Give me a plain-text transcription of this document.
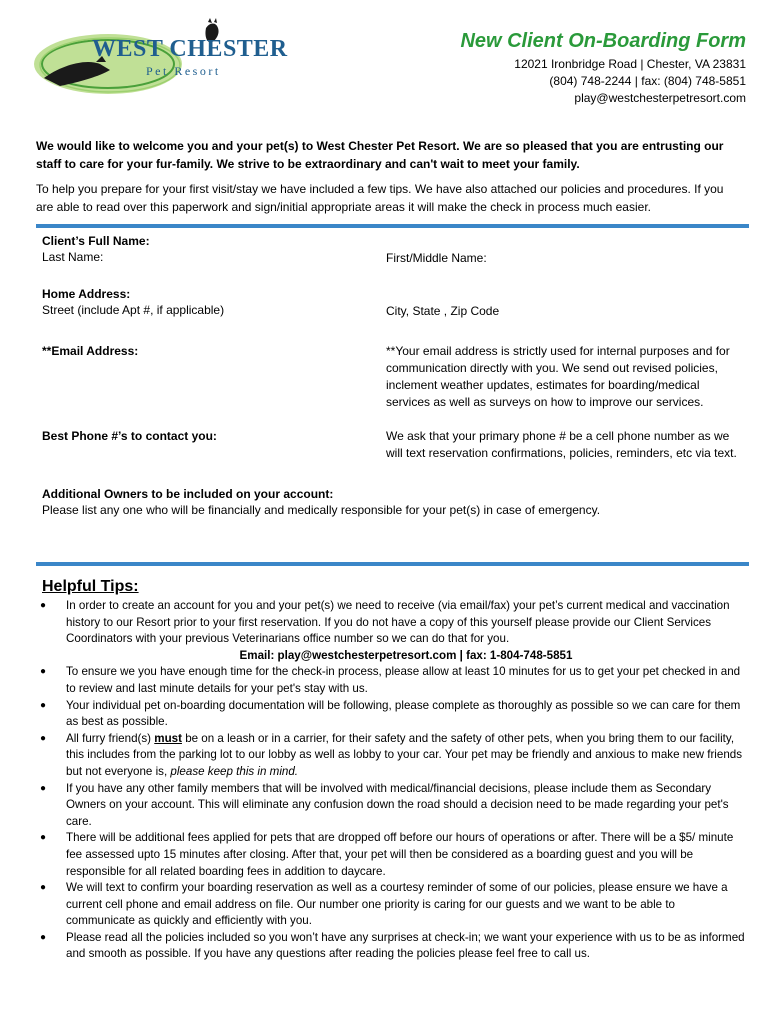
WEST CHESTER
Pet Resort
New Client On-Boarding Form
12021 Ironbridge Road | Chester, VA 23831
(804) 748-2244 | fax: (804) 748-5851
play@westchesterpetresort.com
We would like to welcome you and your pet(s) to West Chester Pet Resort. We are so pleased that you are entrusting our staff to care for your fur-family. We strive to be extraordinary and can't wait to meet your family.
To help you prepare for your first visit/stay we have included a few tips. We have also attached our policies and procedures. If you are able to read over this paperwork and sign/initial appropriate areas it will make the check in process much easier.
Client’s Full Name:
Last Name:	First/Middle Name:
Home Address:
Street (include Apt #, if applicable)	City, State , Zip Code
**Email Address:	**Your email address is strictly used for internal purposes and for communication directly with you. We send out revised policies, inclement weather updates, estimates for boarding/medical services as well as surveys on how to improve our services.
Best Phone #’s to contact you:	We ask that your primary phone # be a cell phone number as we will text reservation confirmations, policies, reminders, etc via text.
Additional Owners to be included on your account:
Please list any one who will be financially and medically responsible for your pet(s) in case of emergency.
Helpful Tips:

● In order to create an account for you and your pet(s) we need to receive (via email/fax) your pet’s current medical and vaccination history to our Resort prior to your first reservation. If you do not have a copy of this yourself please provide our Client Services Coordinators with your previous Veterinarians office number so we can do that for you.

Email: play@westchesterpetresort.com | fax: 1-804-748-5851

● To ensure we you have enough time for the check-in process, please allow at least 10 minutes for us to get your pet checked in and to review and last minute details for your pet's stay with us.

● Your individual pet on-boarding documentation will be following, please complete as thoroughly as possible so we can care for them as best as possible.

● All furry friend(s) must be on a leash or in a carrier, for their safety and the safety of other pets, when you bring them to our facility, this includes from the parking lot to our lobby as well as lobby to your car. Your pet may be friendly and anxious to make new friends but not everyone is, please keep this in mind.

● If you have any other family members that will be involved with medical/financial decisions, please include them as Secondary Owners on your account. This will eliminate any confusion down the road should a decision need to be made regarding your pet's care.

● There will be additional fees applied for pets that are dropped off before our hours of operations or after. There will be a $5/ minute fee assessed upto 15 minutes after closing. After that, your pet will then be considered as a boarding guest and you will be responsible for all related boarding fees in addition to daycare.

● We will text to confirm your boarding reservation as well as a courtesy reminder of some of our policies, please ensure we have a current cell phone and email address on file. Our number one priority is caring for our guests and we want to be able to communicate as quickly and efficiently with you.

● Please read all the policies included so you won’t have any surprises at check-in; we want your experience with us to be as informed and smooth as possible. If you have any questions after reading the policies please feel free to call us.
